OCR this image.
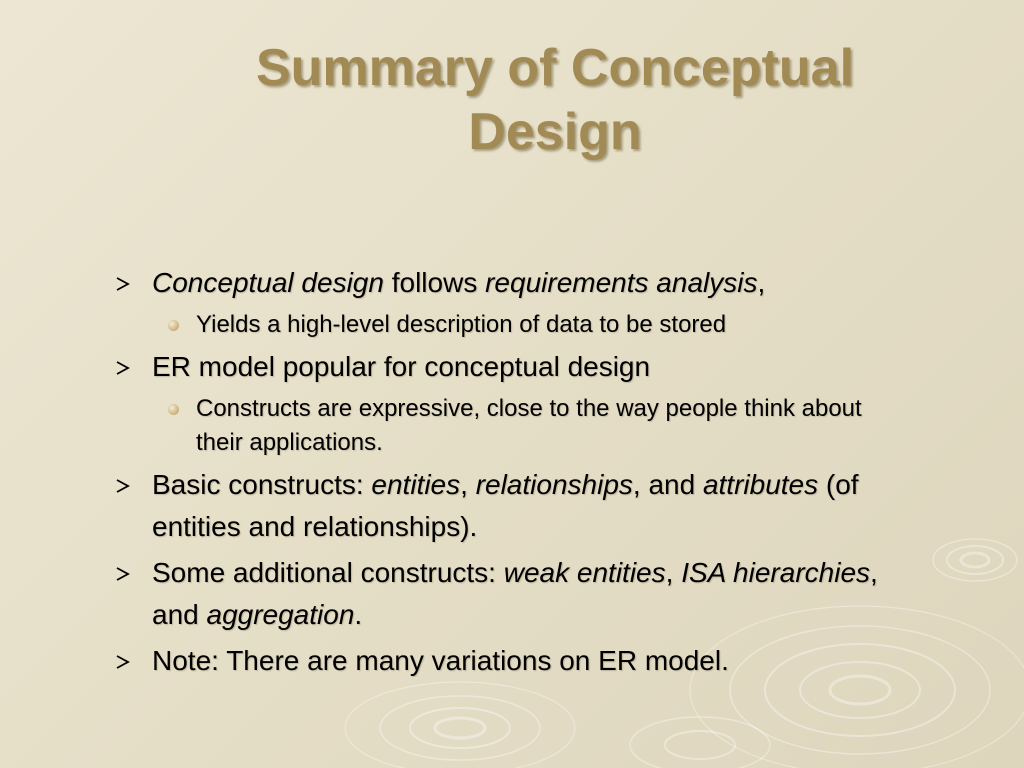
Summary of Conceptual
Design
Conceptual design follows requirements analysis,
Yields a high-level description of data to be stored
ER model popular for conceptual design
Constructs are expressive, close to the way people think about their applications.
Basic constructs: entities, relationships, and attributes (of entities and relationships).
Some additional constructs: weak entities, ISA hierarchies, and aggregation.
Note: There are many variations on ER model.
